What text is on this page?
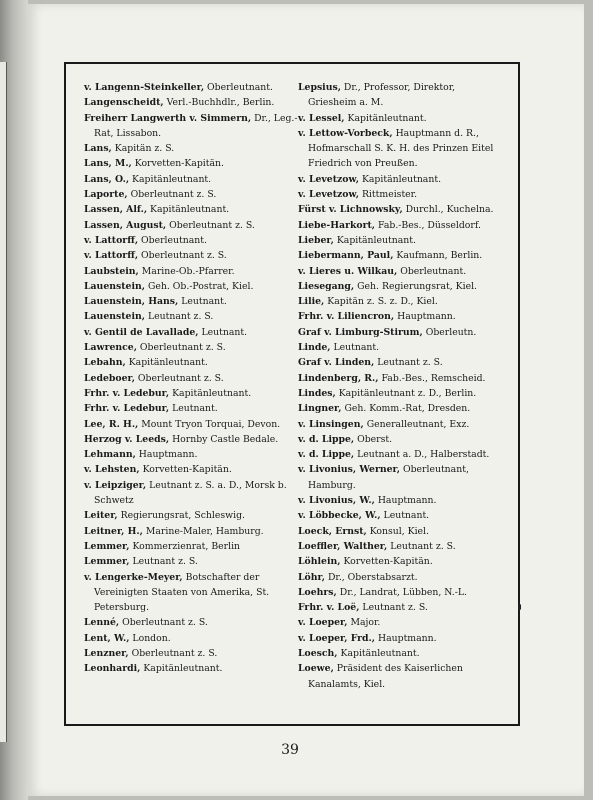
v. Langenn-Steinkeller, Oberleutnant.

Langenscheidt, Verl.-Buchhdlr., Berlin.

Freiherr Langwerth v. Simmern, Dr., Leg.-Rat, Lissabon.

Lans, Kapitän z. S.

Lans, M., Korvetten-Kapitän.

Lans, O., Kapitänleutnant.

Laporte, Oberleutnant z. S.

Lassen, Alf., Kapitänleutnant.

Lassen, August, Oberleutnant z. S.

v. Lattorff, Oberleutnant.

v. Lattorff, Oberleutnant z. S.

Laubstein, Marine-Ob.-Pfarrer.

Lauenstein, Geh. Ob.-Postrat, Kiel.

Lauenstein, Hans, Leutnant.

Lauenstein, Leutnant z. S.

v. Gentil de Lavallade, Leutnant.

Lawrence, Oberleutnant z. S.

Lebahn, Kapitänleutnant.

Ledeboer, Oberleutnant z. S.

Frhr. v. Ledebur, Kapitänleutnant.

Frhr. v. Ledebur, Leutnant.

Lee, R. H., Mount Tryon Torquai, Devon.

Herzog v. Leeds, Hornby Castle Bedale.

Lehmann, Hauptmann.

v. Lehsten, Korvetten-Kapitän.

v. Leipziger, Leutnant z. S. a. D., Morsk b. Schwetz

Leiter, Regierungsrat, Schleswig.

Leitner, H., Marine-Maler, Hamburg.

Lemmer, Kommerzienrat, Berlin

Lemmer, Leutnant z. S.

v. Lengerke-Meyer, Botschafter der Vereinigten Staaten von Amerika, St. Petersburg.

Lenné, Oberleutnant z. S.

Lent, W., London.

Lenzner, Oberleutnant z. S.

Leonhardi, Kapitänleutnant.

Lepsius, Dr., Professor, Direktor, Griesheim a. M.

v. Lessel, Kapitänleutnant.

v. Lettow-Vorbeck, Hauptmann d. R., Hofmarschall S. K. H. des Prinzen Eitel Friedrich von Preußen.

v. Levetzow, Kapitänleutnant.

v. Levetzow, Rittmeister.

Fürst v. Lichnowsky, Durchl., Kuchelna.

Liebe-Harkort, Fab.-Bes., Düsseldorf.

Lieber, Kapitänleutnant.

Liebermann, Paul, Kaufmann, Berlin.

v. Lieres u. Wilkau, Oberleutnant.

Liesegang, Geh. Regierungsrat, Kiel.

Lilie, Kapitän z. S. z. D., Kiel.

Frhr. v. Liliencron, Hauptmann.

Graf v. Limburg-Stirum, Oberleutn.

Linde, Leutnant.

Graf v. Linden, Leutnant z. S.

Lindenberg, R., Fab.-Bes., Remscheid.

Lindes, Kapitänleutnant z. D., Berlin.

Lingner, Geh. Komm.-Rat, Dresden.

v. Linsingen, Generalleutnant, Exz.

v. d. Lippe, Oberst.

v. d. Lippe, Leutnant a. D., Halberstadt.

v. Livonius, Werner, Oberleutnant, Hamburg.

v. Livonius, W., Hauptmann.

v. Löbbecke, W., Leutnant.

Loeck, Ernst, Konsul, Kiel.

Loeffler, Walther, Leutnant z. S.

Löhlein, Korvetten-Kapitän.

Löhr, Dr., Oberstabsarzt.

Loehrs, Dr., Landrat, Lübben, N.-L.

Frhr. v. Loë, Leutnant z. S.

v. Loeper, Major.

v. Loeper, Frd., Hauptmann.

Loesch, Kapitänleutnant.

Loewe, Präsident des Kaiserlichen Kanalamts, Kiel.

39
